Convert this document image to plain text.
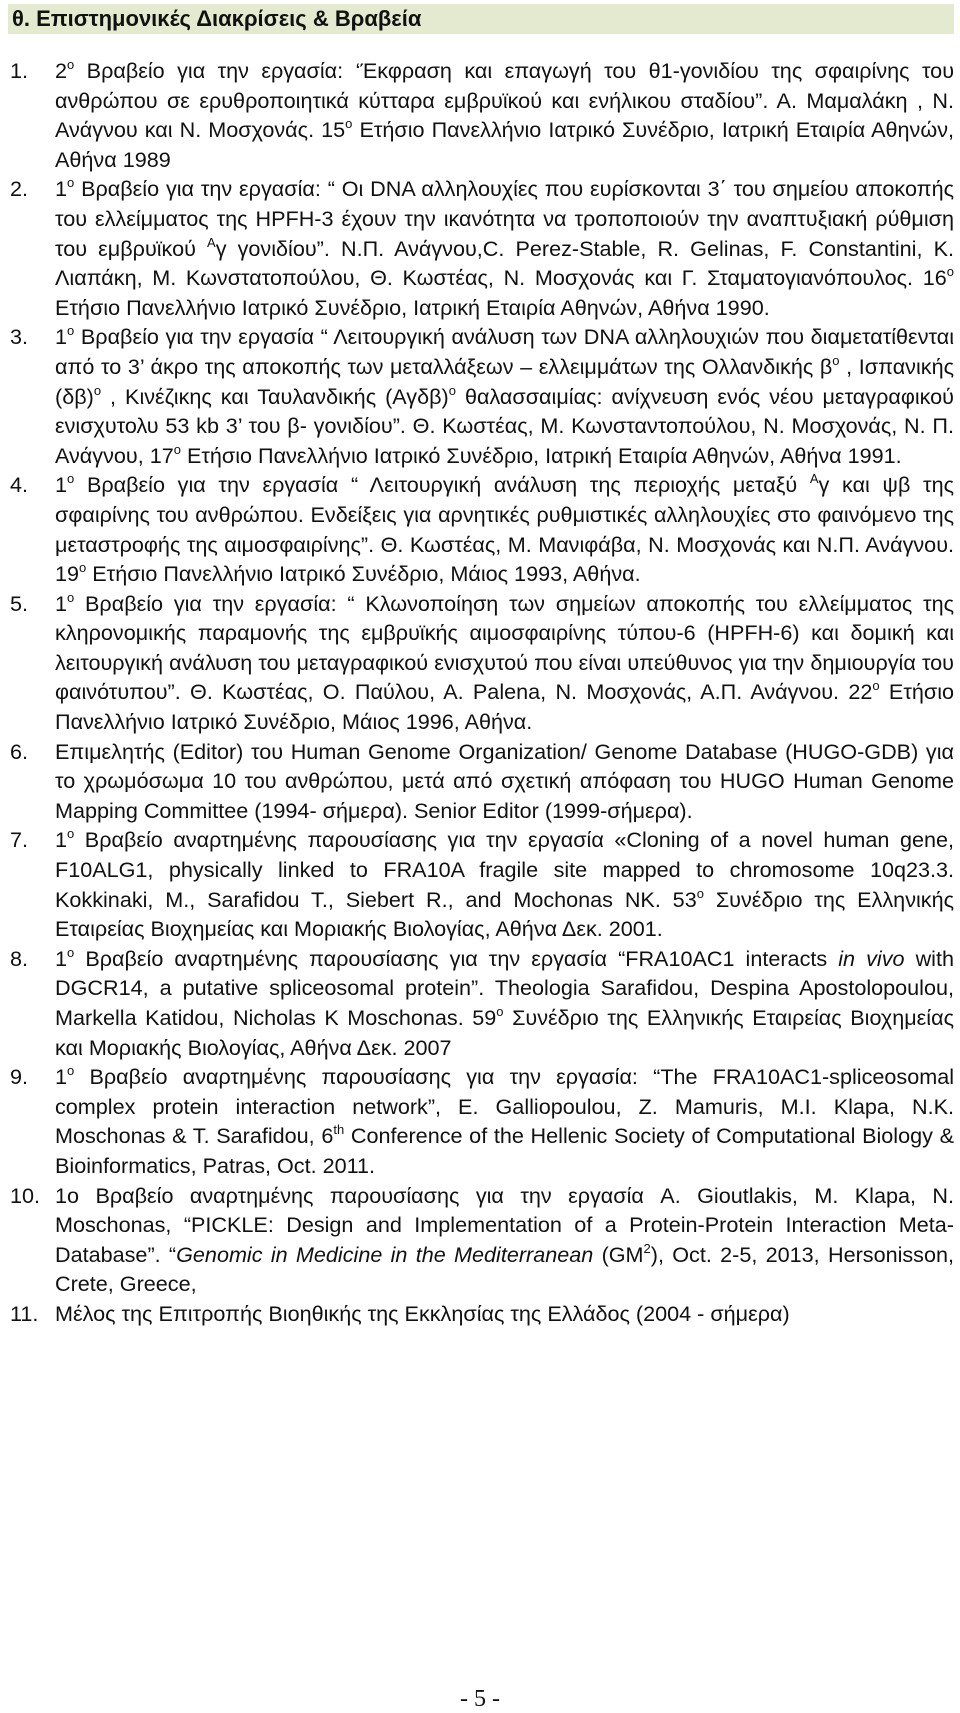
θ. Επιστημονικές Διακρίσεις & Βραβεία
1. $2^o$ Βραβείο για την εργασία: ‘Έκφραση και επαγωγή του θ1-γονιδίου της σφαιρίνης του ανθρώπου σε ερυθροποιητικά κύτταρα εμβρυϊκού και ενήλικου σταδίου”. Α. Μαμαλάκη , Ν. Ανάγνου και Ν. Μοσχονάς. $15^o$ Ετήσιο Πανελλήνιο Ιατρικό Συνέδριο, Ιατρική Εταιρία Αθηνών, Αθήνα 1989
2. $1^o$ Βραβείο για την εργασία: “ Οι DNA αλληλουχίες που ευρίσκονται 3΄ του σημείου αποκοπής του ελλείμματος της HPFH-3 έχουν την ικανότητα να τροποποιούν την αναπτυξιακή ρύθμιση του εμβρυϊκού $^A$γ γονιδίου”. Ν.Π. Ανάγνου,C. Perez-Stable, R. Gelinas, F. Constantini, Κ. Λιαπάκη, Μ. Κωνστατοπούλου, Θ. Κωστέας, Ν. Μοσχονάς και Γ. Σταματογιανόπουλος. $16^o$ Ετήσιο Πανελλήνιο Ιατρικό Συνέδριο, Ιατρική Εταιρία Αθηνών, Αθήνα 1990.
3. $1^o$ Βραβείο για την εργασία “ Λειτουργική ανάλυση των DNA αλληλουχιών που διαμετατίθενται από το 3’ άκρο της αποκοπής των μεταλλάξεων – ελλειμμάτων της Ολλανδικής $\beta^o$ , Ισπανικής $(\delta\beta)^o$ , Κινέζικης και Ταυλανδικής $(A\gamma\delta\beta)^o$ θαλασσαιμίας: ανίχνευση ενός νέου μεταγραφικού ενισχυτολυ 53 kb 3’ του β- γονιδίου”. Θ. Κωστέας, Μ. Κωνσταντοπούλου, Ν. Μοσχονάς, Ν. Π. Ανάγνου, $17^o$ Ετήσιο Πανελλήνιο Ιατρικό Συνέδριο, Ιατρική Εταιρία Αθηνών, Αθήνα 1991.
4. $1^o$ Βραβείο για την εργασία “ Λειτουργική ανάλυση της περιοχής μεταξύ $^A$γ και ψβ της σφαιρίνης του ανθρώπου. Ενδείξεις για αρνητικές ρυθμιστικές αλληλουχίες στο φαινόμενο της μεταστροφής της αιμοσφαιρίνης”. Θ. Κωστέας, Μ. Μανιφάβα, Ν. Μοσχονάς και Ν.Π. Ανάγνου. $19^o$ Ετήσιο Πανελλήνιο Ιατρικό Συνέδριο, Μάιος 1993, Αθήνα.
5. $1^o$ Βραβείο για την εργασία: “ Κλωνοποίηση των σημείων αποκοπής του ελλείμματος της κληρονομικής παραμονής της εμβρυϊκής αιμοσφαιρίνης τύπου-6 (HPFH-6) και δομική και λειτουργική ανάλυση του μεταγραφικού ενισχυτού που είναι υπεύθυνος για την δημιουργία του φαινότυπου”. Θ. Κωστέας, Ο. Παύλου, Α. Palena, Ν. Μοσχονάς, Α.Π. Ανάγνου. $22^o$ Ετήσιο Πανελλήνιο Ιατρικό Συνέδριο, Μάιος 1996, Αθήνα.
6. Επιμελητής (Editor) του Human Genome Organization/ Genome Database (HUGO-GDB) για το χρωμόσωμα 10 του ανθρώπου, μετά από σχετική απόφαση του HUGO Human Genome Mapping Committee (1994- σήμερα). Senior Editor (1999-σήμερα).
7. $1^o$ Βραβείο αναρτημένης παρουσίασης για την εργασία «Cloning of a novel human gene, F10ALG1, physically linked to FRA10A fragile site mapped to chromosome 10q23.3. Kokkinaki, M., Sarafidou T., Siebert R., and Mochonas NK. $53^o$ Συνέδριο της Ελληνικής Εταιρείας Βιοχημείας και Μοριακής Βιολογίας, Αθήνα Δεκ. 2001.
8. $1^o$ Βραβείο αναρτημένης παρουσίασης για την εργασία “FRA10AC1 interacts in vivo with DGCR14, a putative spliceosomal protein”. Theologia Sarafidou, Despina Apostolopoulou, Markella Katidou, Nicholas K Moschonas. $59^o$ Συνέδριο της Ελληνικής Εταιρείας Βιοχημείας και Μοριακής Βιολογίας, Αθήνα Δεκ. 2007
9. $1^o$ Βραβείο αναρτημένης παρουσίασης για την εργασία: “The FRA10AC1-spliceosomal complex protein interaction network”, E. Galliopoulou, Z. Mamuris, M.I. Klapa, N.K. Moschonas & T. Sarafidou, 6th Conference of the Hellenic Society of Computational Biology & Bioinformatics, Patras, Oct. 2011.
10. 1ο Βραβείο αναρτημένης παρουσίασης για την εργασία A. Gioutlakis, M. Klapa, N. Moschonas, “PICKLE: Design and Implementation of a Protein-Protein Interaction Meta-Database”. “Genomic in Medicine in the Mediterranean $(GM^2)$, Oct. 2-5, 2013, Hersonisson, Crete, Greece,
11. Μέλος της Επιτροπής Βιοηθικής της Εκκλησίας της Ελλάδος (2004 - σήμερα)
- 5 -
